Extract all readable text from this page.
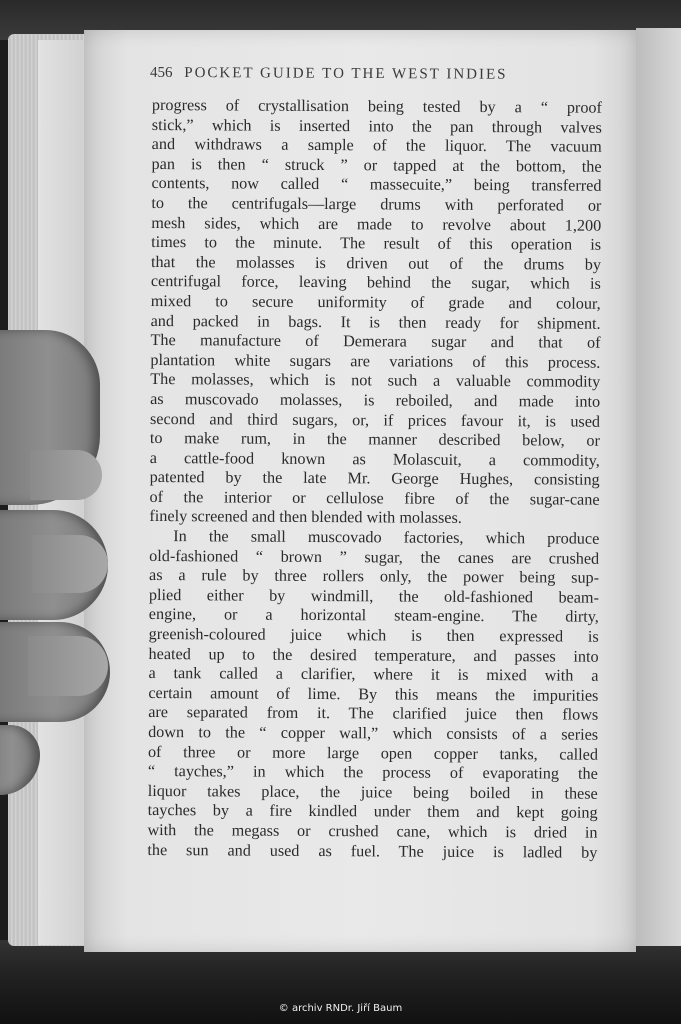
456 POCKET GUIDE TO THE WEST INDIES
progress of crystallisation being tested by a “ proof
stick,” which is inserted into the pan through valves
and withdraws a sample of the liquor. The vacuum
pan is then “ struck ” or tapped at the bottom, the
contents, now called “ massecuite,” being transferred
to the centrifugals—large drums with perforated or
mesh sides, which are made to revolve about 1,200
times to the minute. The result of this operation is
that the molasses is driven out of the drums by
centrifugal force, leaving behind the sugar, which is
mixed to secure uniformity of grade and colour,
and packed in bags. It is then ready for shipment.
The manufacture of Demerara sugar and that of
plantation white sugars are variations of this process.
The molasses, which is not such a valuable commodity
as muscovado molasses, is reboiled, and made into
second and third sugars, or, if prices favour it, is used
to make rum, in the manner described below, or
a cattle-food known as Molascuit, a commodity,
patented by the late Mr. George Hughes, consisting
of the interior or cellulose fibre of the sugar-cane
finely screened and then blended with molasses.
In the small muscovado factories, which produce
old-fashioned “ brown ” sugar, the canes are crushed
as a rule by three rollers only, the power being sup-
plied either by windmill, the old-fashioned beam-
engine, or a horizontal steam-engine. The dirty,
greenish-coloured juice which is then expressed is
heated up to the desired temperature, and passes into
a tank called a clarifier, where it is mixed with a
certain amount of lime. By this means the impurities
are separated from it. The clarified juice then flows
down to the “ copper wall,” which consists of a series
of three or more large open copper tanks, called
“ tayches,” in which the process of evaporating the
liquor takes place, the juice being boiled in these
tayches by a fire kindled under them and kept going
with the megass or crushed cane, which is dried in
the sun and used as fuel. The juice is ladled by
© archiv RNDr. Jiří Baum
